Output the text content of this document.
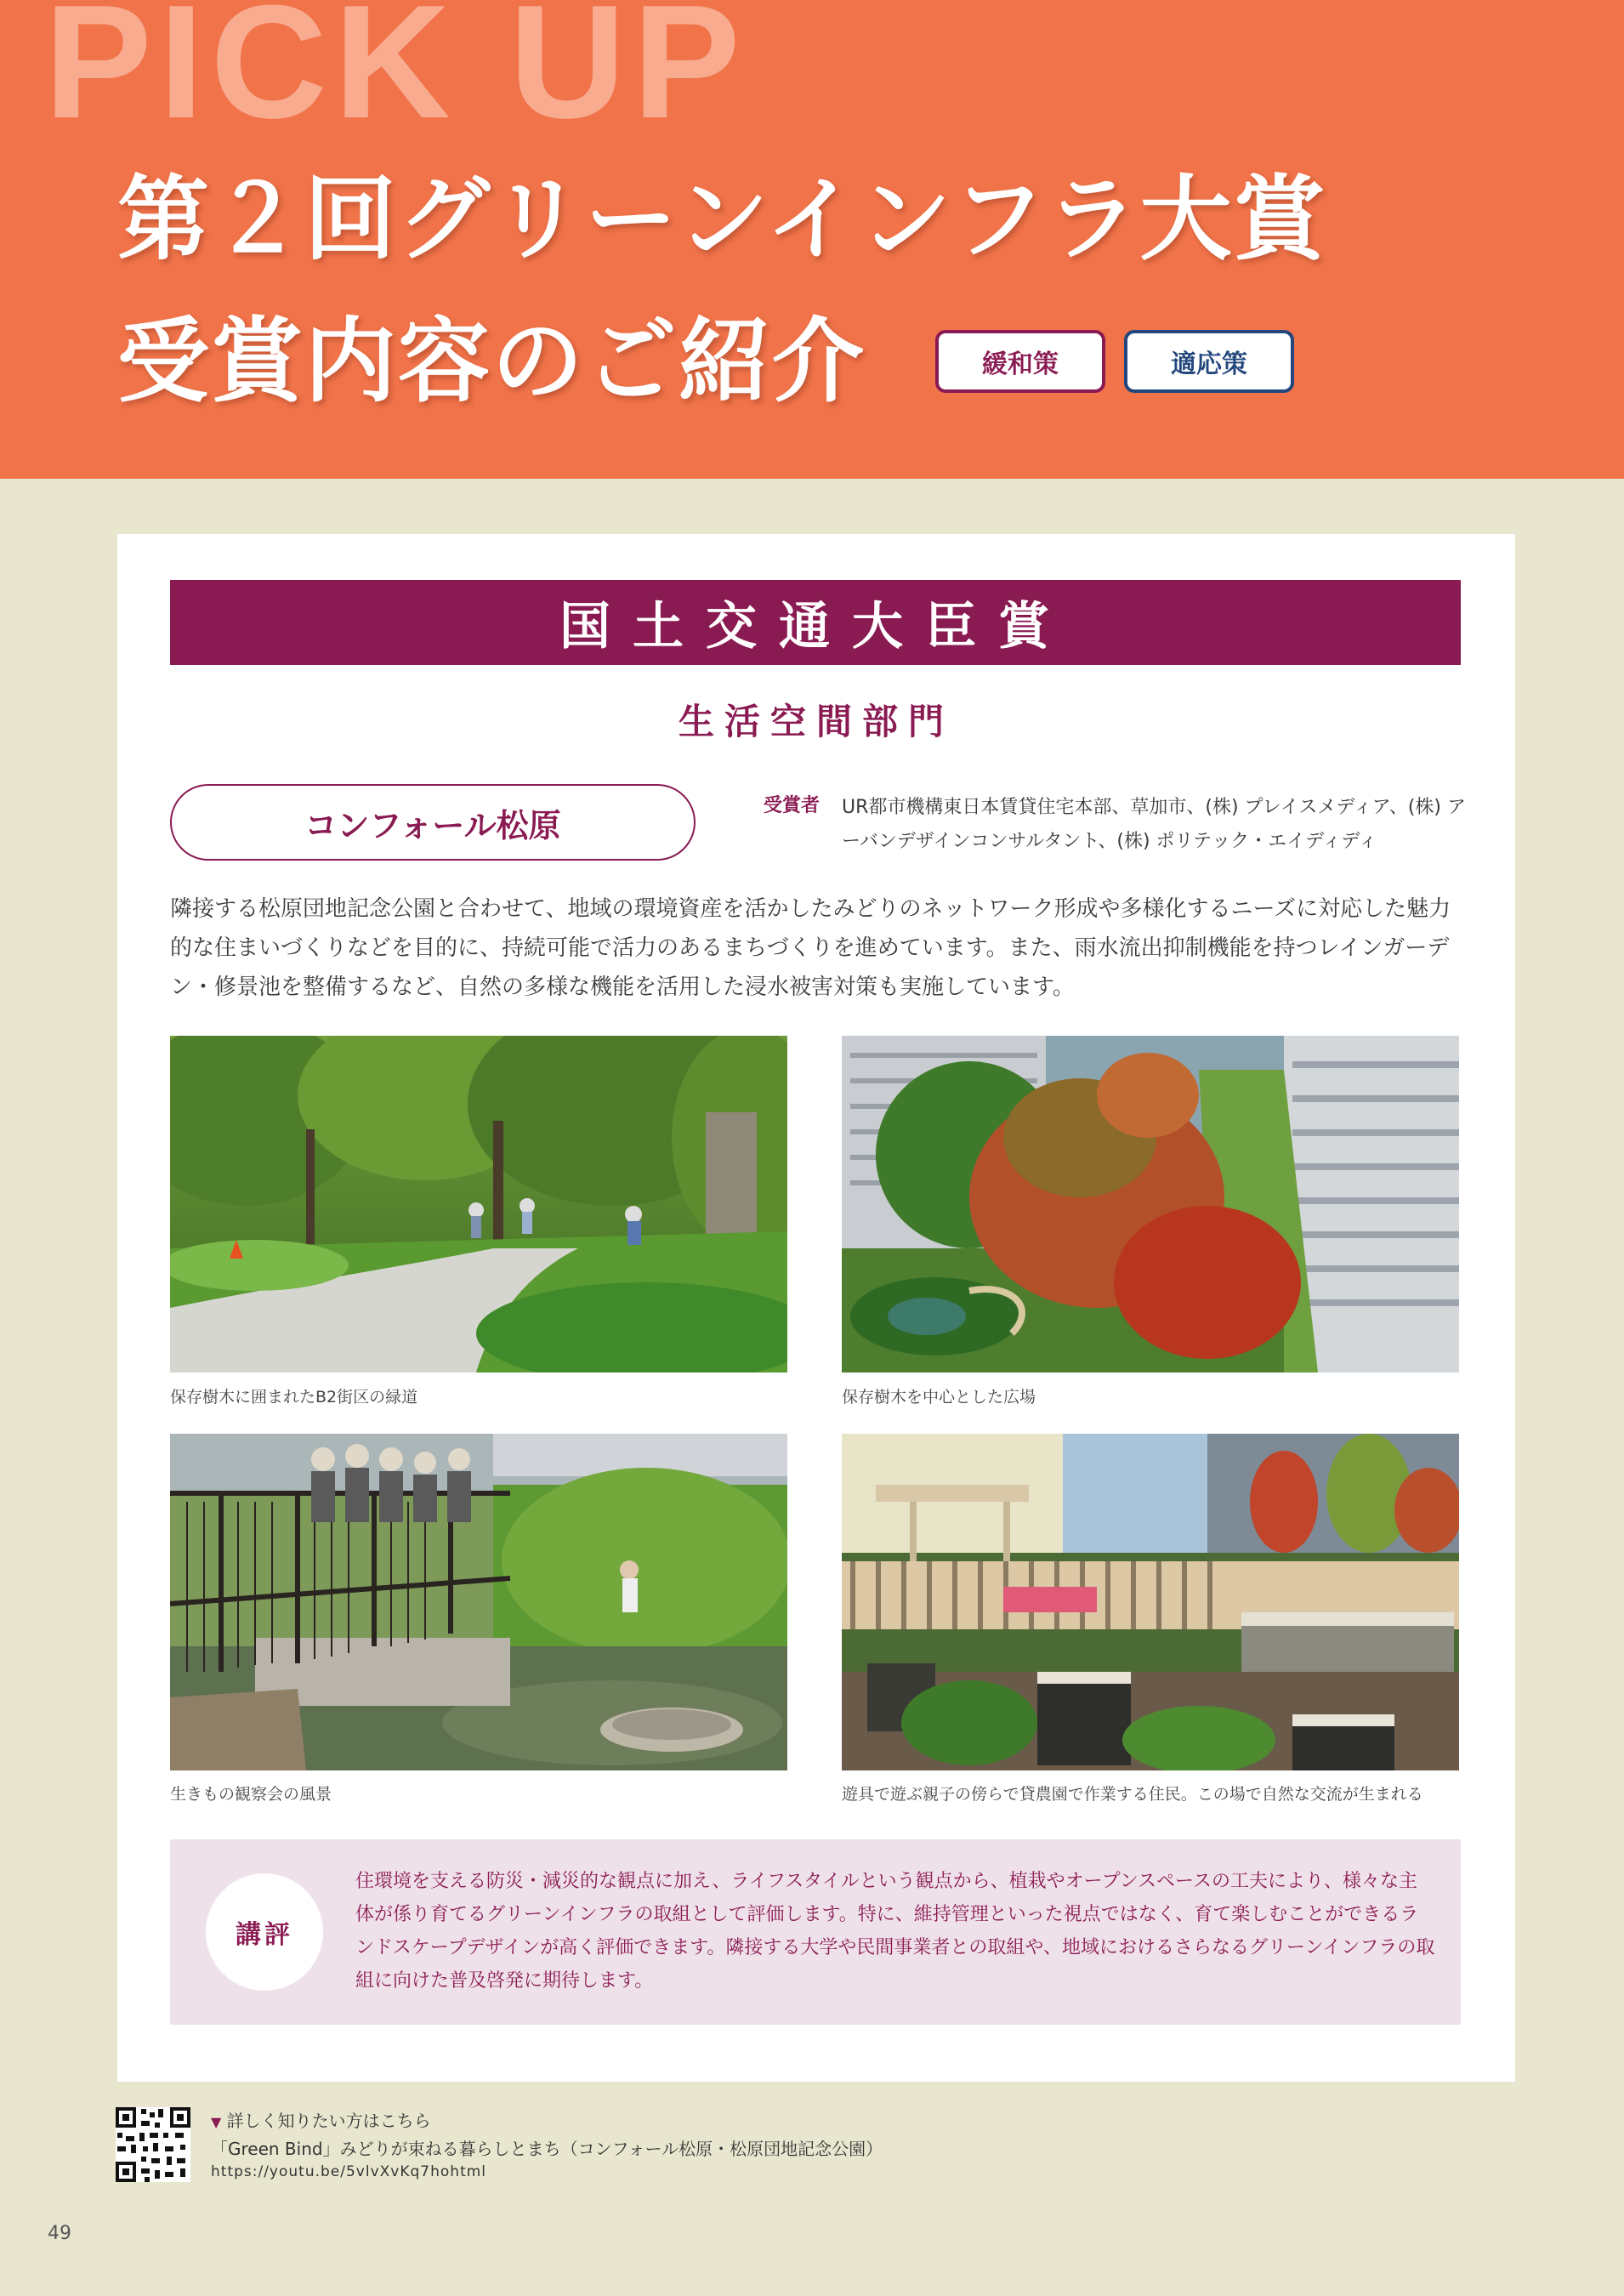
PICK UP
第２回グリーンインフラ大賞
受賞内容のご紹介	緩和策	適応策
国土交通大臣賞
生活空間部門
コンフォール松原
受賞者 UR都市機構東日本賃貸住宅本部、草加市、(株) プレイスメディア、(株) アーバンデザインコンサルタント、(株) ポリテック・エイディディ
隣接する松原団地記念公園と合わせて、地域の環境資産を活かしたみどりのネットワーク形成や多様化するニーズに対応した魅力的な住まいづくりなどを目的に、持続可能で活力のあるまちづくりを進めています。また、雨水流出抑制機能を持つレインガーデン・修景池を整備するなど、自然の多様な機能を活用した浸水被害対策も実施しています。
保存樹木に囲まれたB2街区の緑道	保存樹木を中心とした広場
生きもの観察会の風景	遊具で遊ぶ親子の傍らで貸農園で作業する住民。この場で自然な交流が生まれる
講評
住環境を支える防災・減災的な観点に加え、ライフスタイルという観点から、植栽やオープンスペースの工夫により、様々な主体が係り育てるグリーンインフラの取組として評価します。特に、維持管理といった視点ではなく、育て楽しむことができるランドスケープデザインが高く評価できます。隣接する大学や民間事業者との取組や、地域におけるさらなるグリーンインフラの取組に向けた普及啓発に期待します。
▼ 詳しく知りたい方はこちら
「Green Bind」みどりが束ねる暮らしとまち（コンフォール松原・松原団地記念公園）
https://youtu.be/5vlvXvKq7hohtml
49
